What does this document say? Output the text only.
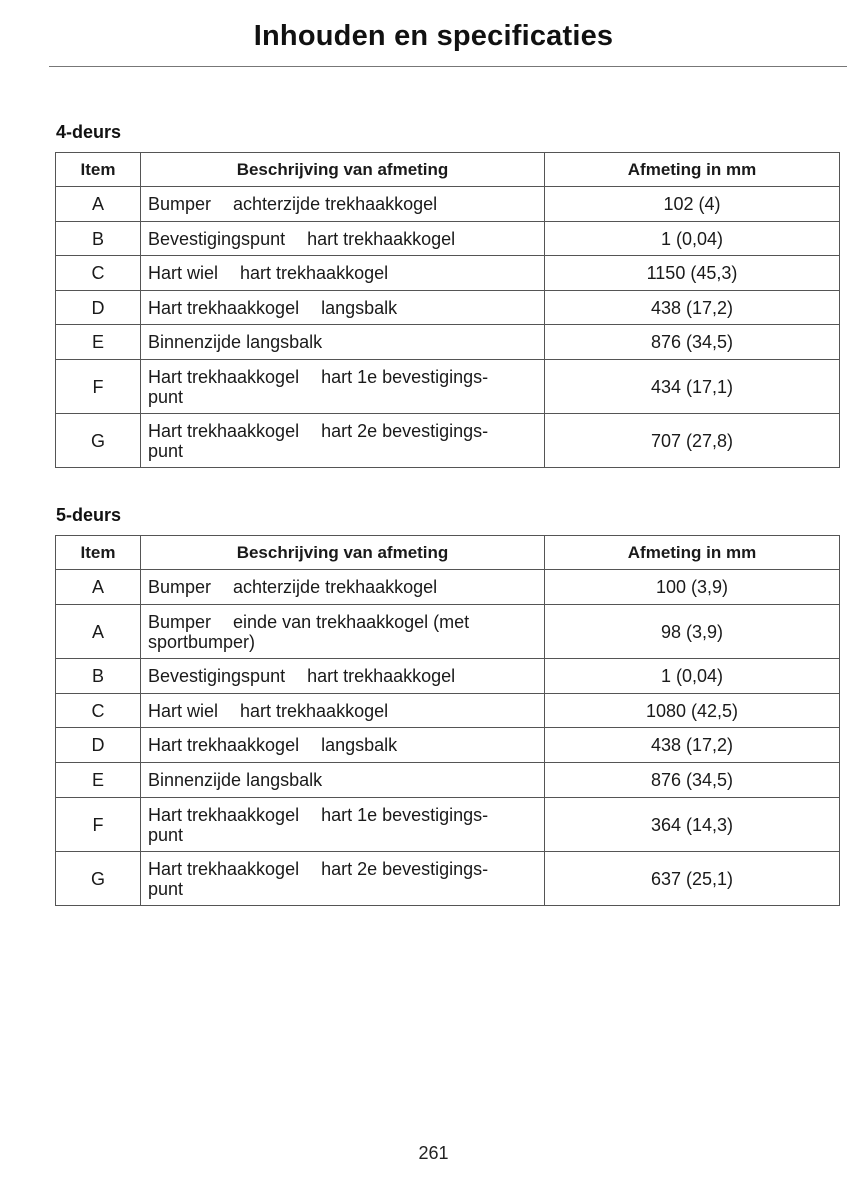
Inhouden en specificaties
4-deurs
Item	Beschrijving van afmeting	Afmeting in mm
A	Bumper achterzijde trekhaakkogel	102 (4)
B	Bevestigingspunt hart trekhaakkogel	1 (0,04)
C	Hart wiel hart trekhaakkogel	1150 (45,3)
D	Hart trekhaakkogel langsbalk	438 (17,2)
E	Binnenzijde langsbalk	876 (34,5)
F	Hart trekhaakkogel hart 1e bevestigings-
punt	434 (17,1)
G	Hart trekhaakkogel hart 2e bevestigings-
punt	707 (27,8)
5-deurs
Item	Beschrijving van afmeting	Afmeting in mm
A	Bumper achterzijde trekhaakkogel	100 (3,9)
A	Bumper einde van trekhaakkogel (met
sportbumper)	98 (3,9)
B	Bevestigingspunt hart trekhaakkogel	1 (0,04)
C	Hart wiel hart trekhaakkogel	1080 (42,5)
D	Hart trekhaakkogel langsbalk	438 (17,2)
E	Binnenzijde langsbalk	876 (34,5)
F	Hart trekhaakkogel hart 1e bevestigings-
punt	364 (14,3)
G	Hart trekhaakkogel hart 2e bevestigings-
punt	637 (25,1)
261
